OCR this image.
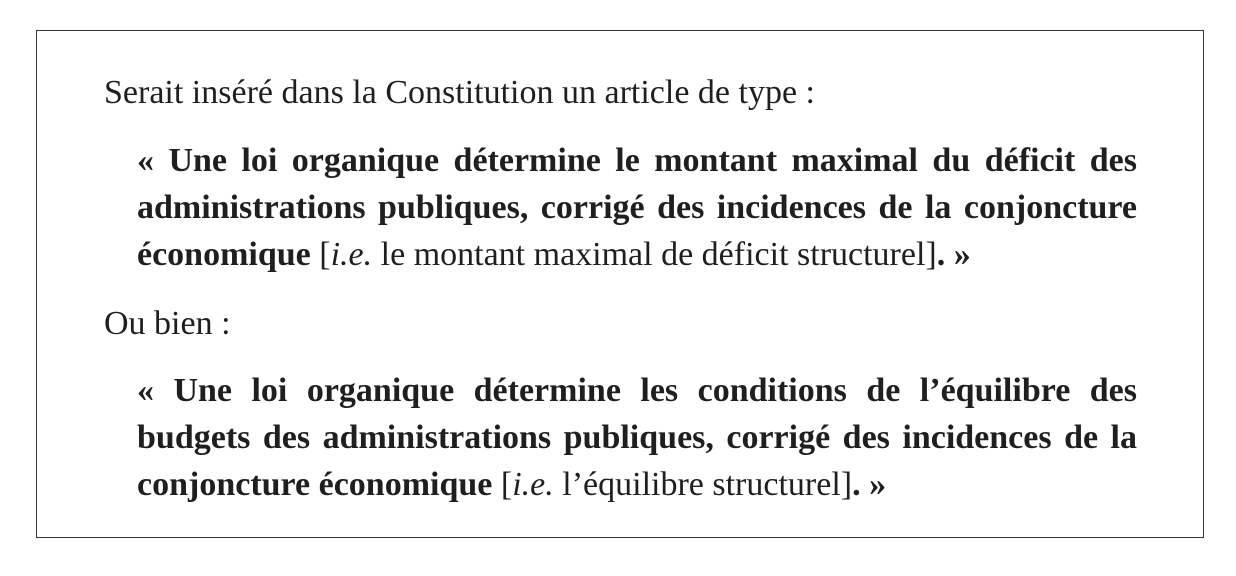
Serait inséré dans la Constitution un article de type :
« Une loi organique détermine le montant maximal du déficit des administrations publiques, corrigé des incidences de la conjoncture économique [i.e. le montant maximal de déficit structurel]. »
Ou bien :
« Une loi organique détermine les conditions de l’équilibre des budgets des administrations publiques, corrigé des incidences de la conjoncture économique [i.e. l’équilibre structurel]. »
